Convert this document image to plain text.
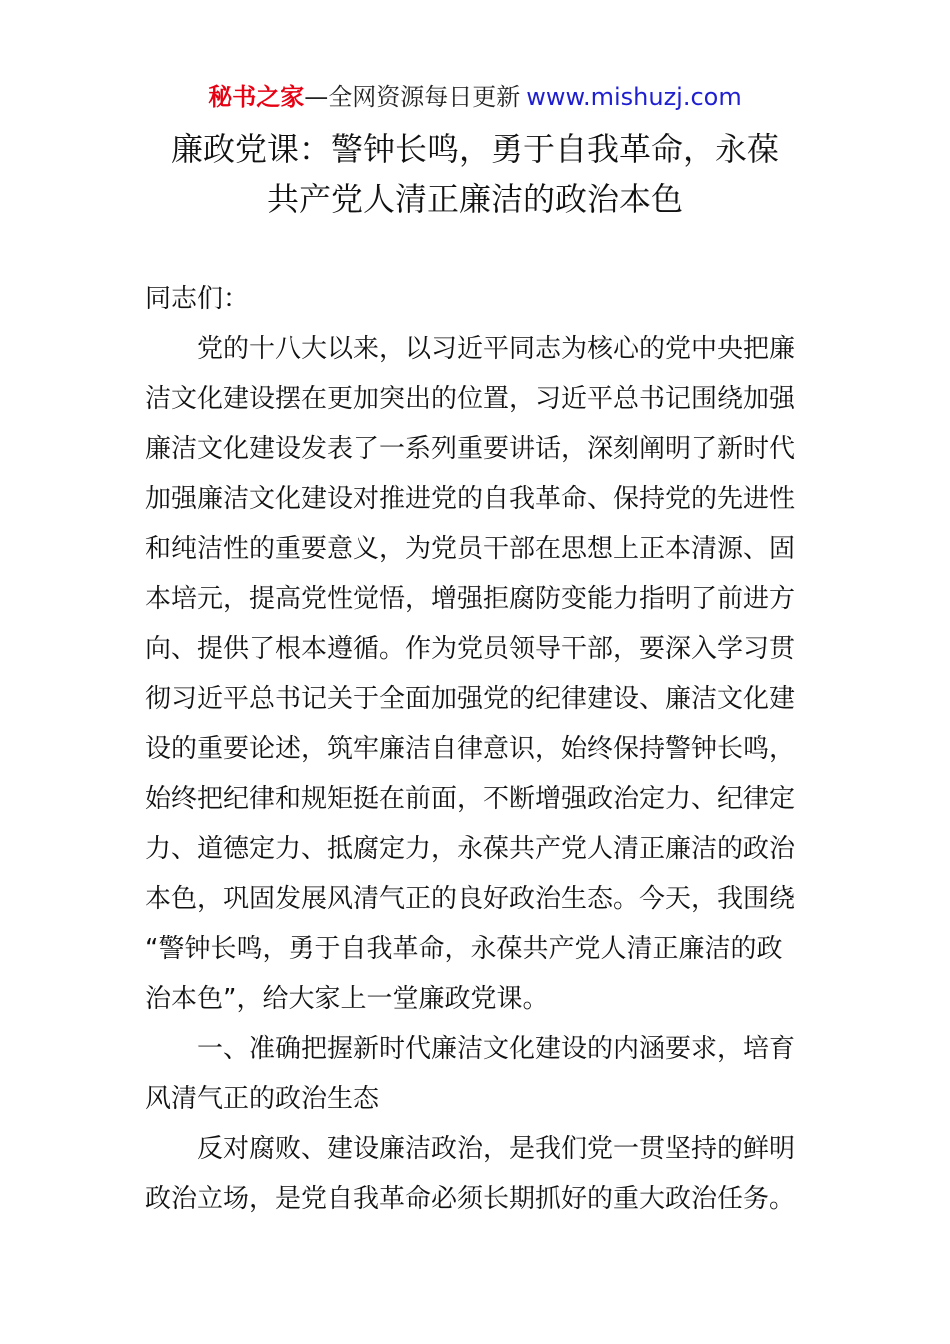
秘书之家—全网资源每日更新 www.mishuzj.com
廉政党课：警钟长鸣，勇于自我革命，永葆
共产党人清正廉洁的政治本色
同志们：
党的十八大以来，以习近平同志为核心的党中央把廉
洁文化建设摆在更加突出的位置，习近平总书记围绕加强
廉洁文化建设发表了一系列重要讲话，深刻阐明了新时代
加强廉洁文化建设对推进党的自我革命、保持党的先进性
和纯洁性的重要意义，为党员干部在思想上正本清源、固
本培元，提高党性觉悟，增强拒腐防变能力指明了前进方
向、提供了根本遵循。作为党员领导干部，要深入学习贯
彻习近平总书记关于全面加强党的纪律建设、廉洁文化建
设的重要论述，筑牢廉洁自律意识，始终保持警钟长鸣，
始终把纪律和规矩挺在前面，不断增强政治定力、纪律定
力、道德定力、抵腐定力，永葆共产党人清正廉洁的政治
本色，巩固发展风清气正的良好政治生态。今天，我围绕
“警钟长鸣，勇于自我革命，永葆共产党人清正廉洁的政
治本色”，给大家上一堂廉政党课。
一、准确把握新时代廉洁文化建设的内涵要求，培育
风清气正的政治生态
反对腐败、建设廉洁政治，是我们党一贯坚持的鲜明
政治立场，是党自我革命必须长期抓好的重大政治任务。
